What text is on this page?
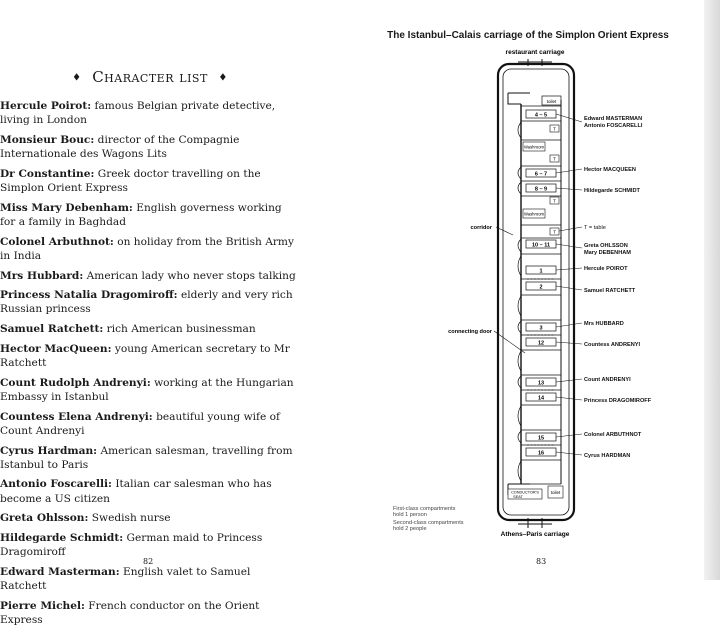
♦ Character list ♦
Hercule Poirot: famous Belgian private detective, living in London
Monsieur Bouc: director of the Compagnie Internationale des Wagons Lits
Dr Constantine: Greek doctor travelling on the Simplon Orient Express
Miss Mary Debenham: English governess working for a family in Baghdad
Colonel Arbuthnot: on holiday from the British Army in India
Mrs Hubbard: American lady who never stops talking
Princess Natalia Dragomiroff: elderly and very rich Russian princess
Samuel Ratchett: rich American businessman
Hector MacQueen: young American secretary to Mr Ratchett
Count Rudolph Andrenyi: working at the Hungarian Embassy in Istanbul
Countess Elena Andrenyi: beautiful young wife of Count Andrenyi
Cyrus Hardman: American salesman, travelling from Istanbul to Paris
Antonio Foscarelli: Italian car salesman who has become a US citizen
Greta Ohlsson: Swedish nurse
Hildegarde Schmidt: German maid to Princess Dragomiroff
Edward Masterman: English valet to Samuel Ratchett
Pierre Michel: French conductor on the Orient Express
82
The Istanbul–Calais carriage of the Simplon Orient Express
restaurant carriage
Athens–Paris carriage
toilet
4 – 5
6 – 7
8 – 9
10 – 11
1
2
3
12
13
14
15
16
T
T
T
T
Washroom
Washroom
CONDUCTOR'S
SEAT
toilet
Edward MASTERMAN
Antonio FOSCARELLI
Hector MACQUEEN
Hildegarde SCHMIDT
T = table
Greta OHLSSON
Mary DEBENHAM
Hercule POIROT
Samuel RATCHETT
Mrs HUBBARD
Countess ANDRENYI
Count ANDRENYI
Princess DRAGOMIROFF
Colonel ARBUTHNOT
Cyrus HARDMAN
corridor
connecting door
First-class compartments
hold 1 person
Second-class compartments
hold 2 people
83
